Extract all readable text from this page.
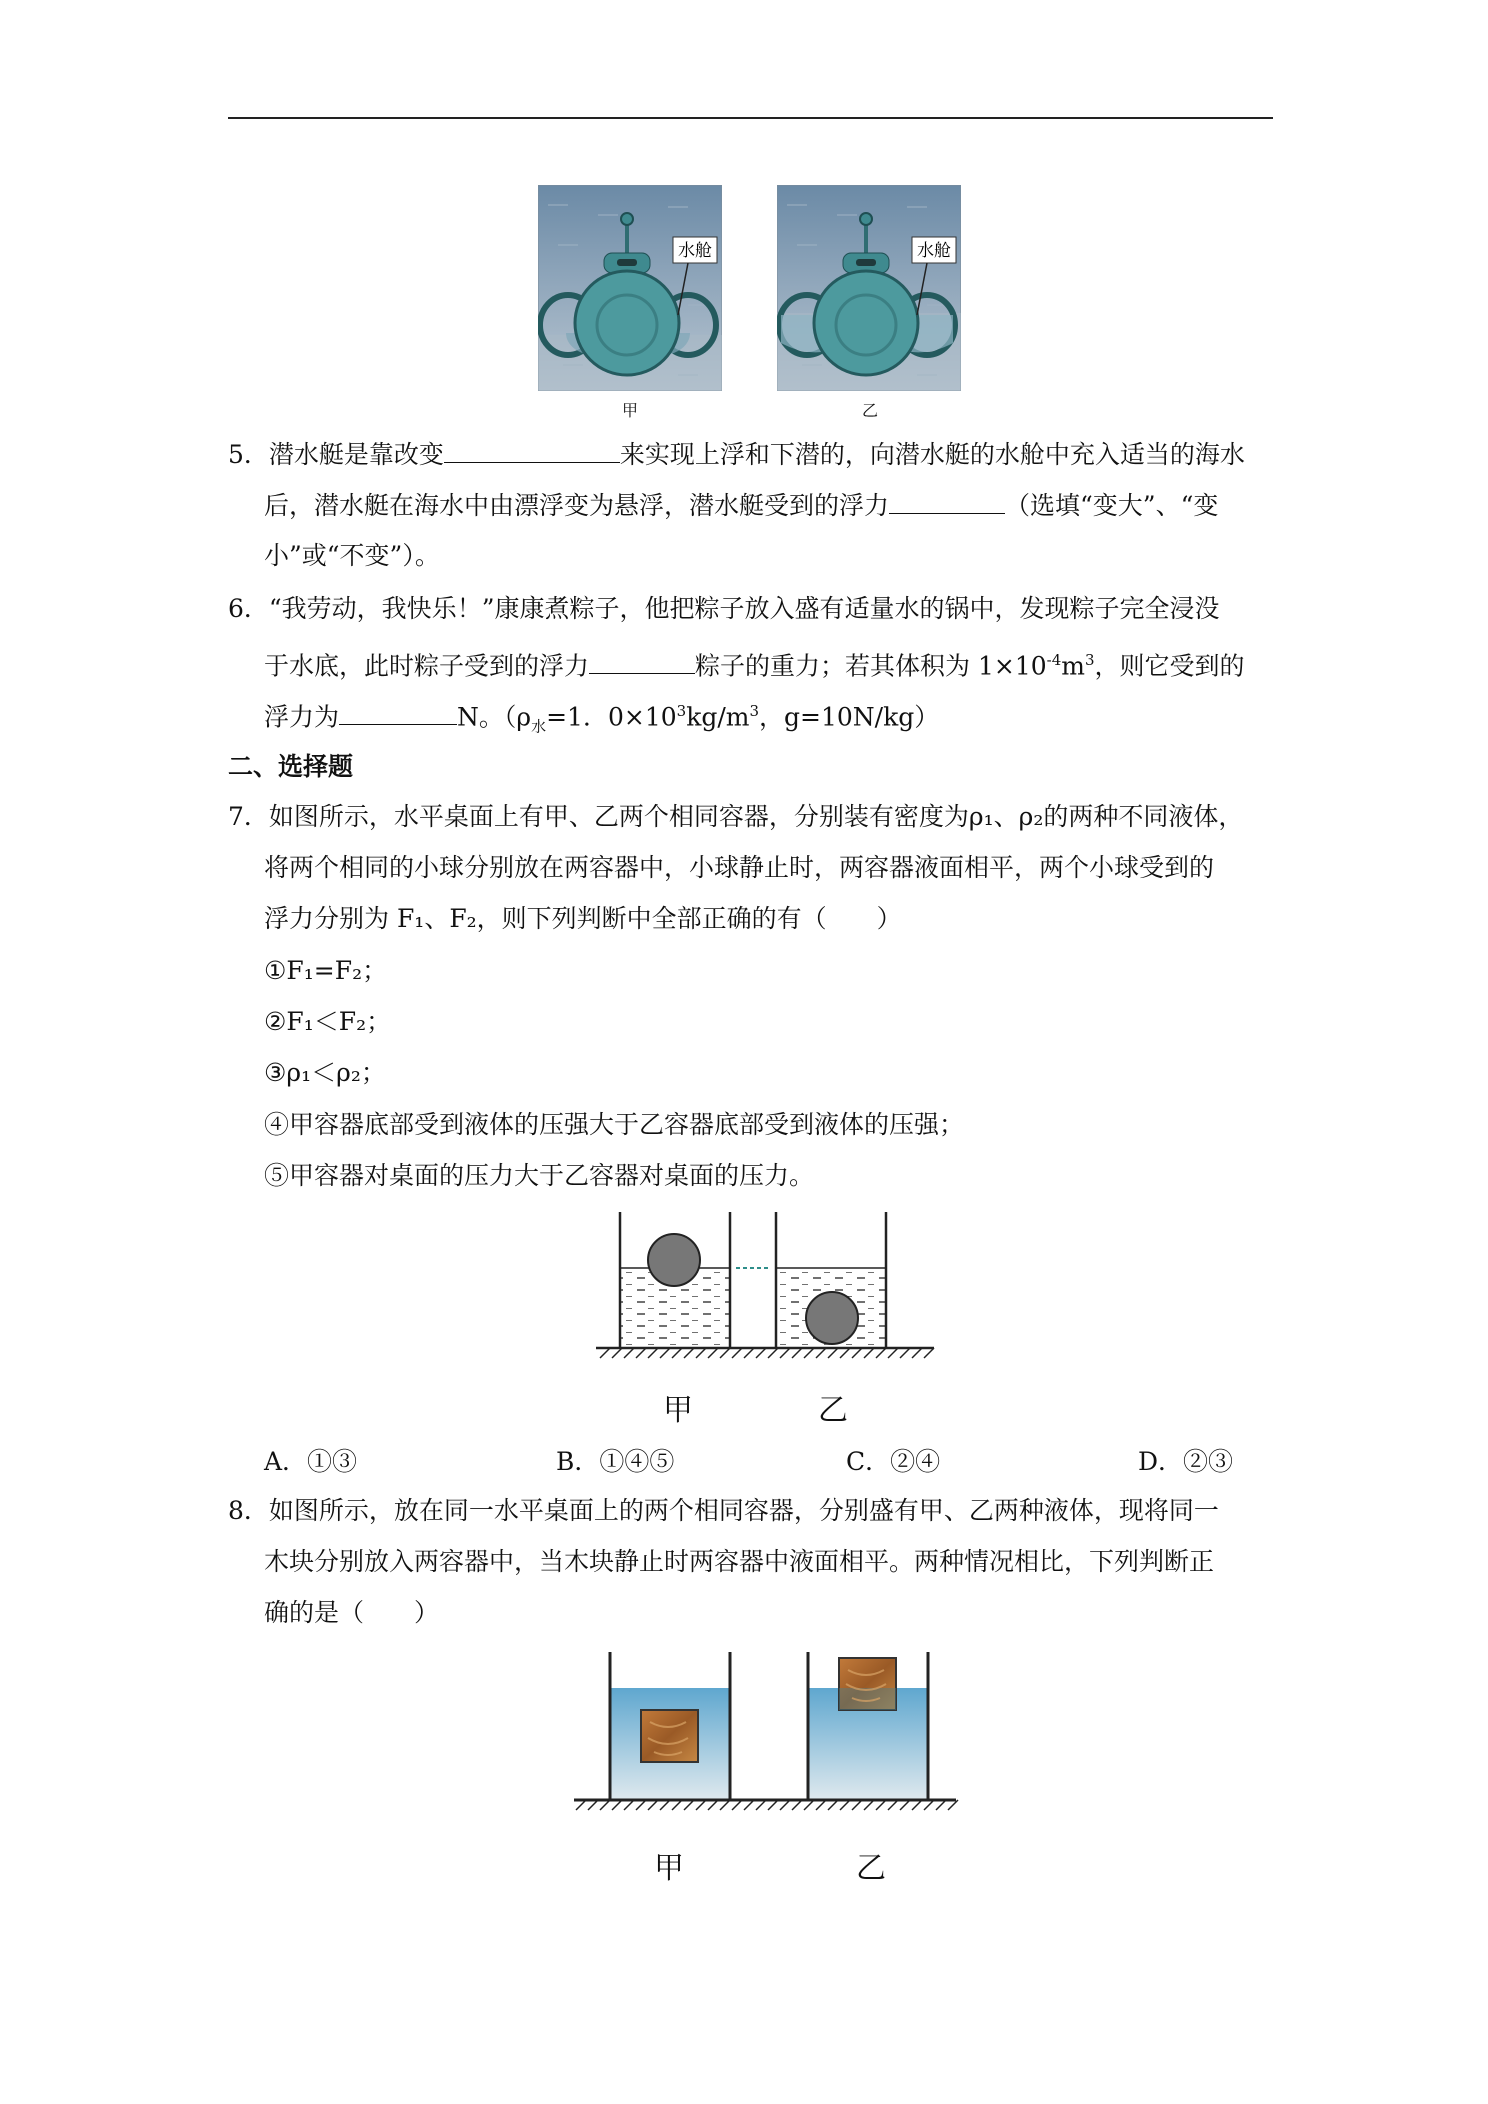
水舱
甲
水舱
乙
5．潜水艇是靠改变	来实现上浮和下潜的，向潜水艇的水舱中充入适当的海水
后，潜水艇在海水中由漂浮变为悬浮，潜水艇受到的浮力	（选填“变大”、“变
小”或“不变”）。
6．“我劳动，我快乐！”康康煮粽子，他把粽子放入盛有适量水的锅中，发现粽子完全浸没
于水底，此时粽子受到的浮力	粽子的重力；若其体积为 $1\times 10^{-4}m^3$，则它受到的
浮力为	N。（$\rho_水=1$．$0\times 10^3kg/m^3$，g=10N/kg）
二、选择题
7．如图所示，水平桌面上有甲、乙两个相同容器，分别装有密度为ρ₁、ρ₂的两种不同液体，
将两个相同的小球分别放在两容器中，小球静止时，两容器液面相平，两个小球受到的
浮力分别为 F₁、F₂，则下列判断中全部正确的有（　　）
①F₁=F₂；
②F₁＜F₂；
③ρ₁＜ρ₂；
④甲容器底部受到液体的压强大于乙容器底部受到液体的压强；
⑤甲容器对桌面的压力大于乙容器对桌面的压力。
甲	乙
A．①③	B．①④⑤	C．②④	D．②③
8．如图所示，放在同一水平桌面上的两个相同容器，分别盛有甲、乙两种液体，现将同一
木块分别放入两容器中，当木块静止时两容器中液面相平。两种情况相比，下列判断正
确的是（　　）
甲	乙
